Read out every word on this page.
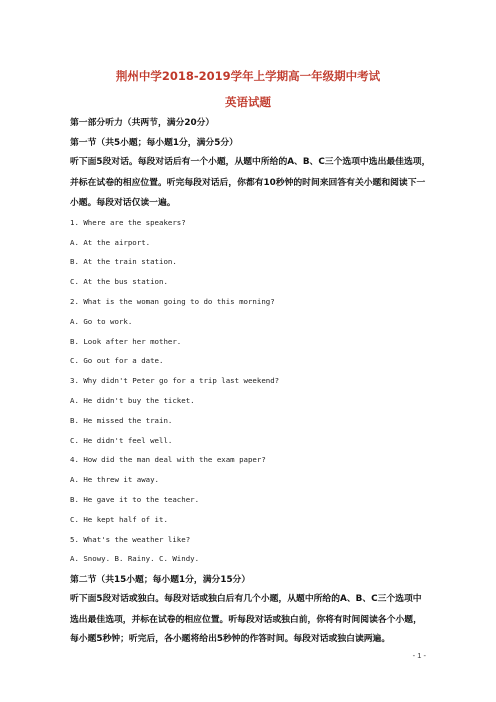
荆州中学2018-2019学年上学期高一年级期中考试
英语试题
第一部分听力（共两节，满分20分）
第一节（共5小题；每小题1分，满分5分）
听下面5段对话。每段对话后有一个小题，从题中所给的A、B、C三个选项中选出最佳选项，
并标在试卷的相应位置。听完每段对话后，你都有10秒钟的时间来回答有关小题和阅读下一
小题。每段对话仅读一遍。
1. Where are the speakers?
A. At the airport.
B. At the train station.
C. At the bus station.
2. What is the woman going to do this morning?
A. Go to work.
B. Look after her mother.
C. Go out for a date.
3. Why didn't Peter go for a trip last weekend?
A. He didn't buy the ticket.
B. He missed the train.
C. He didn't feel well.
4. How did the man deal with the exam paper?
A. He threw it away.
B. He gave it to the teacher.
C. He kept half of it.
5. What's the weather like?
A. Snowy. B. Rainy. C. Windy.
第二节（共15小题；每小题1分，满分15分）
听下面5段对话或独白。每段对话或独白后有几个小题，从题中所给的A、B、C三个选项中
选出最佳选项，并标在试卷的相应位置。听每段对话或独白前，你将有时间阅读各个小题，
每小题5秒钟；听完后，各小题将给出5秒钟的作答时间。每段对话或独白读两遍。
- 1 -
